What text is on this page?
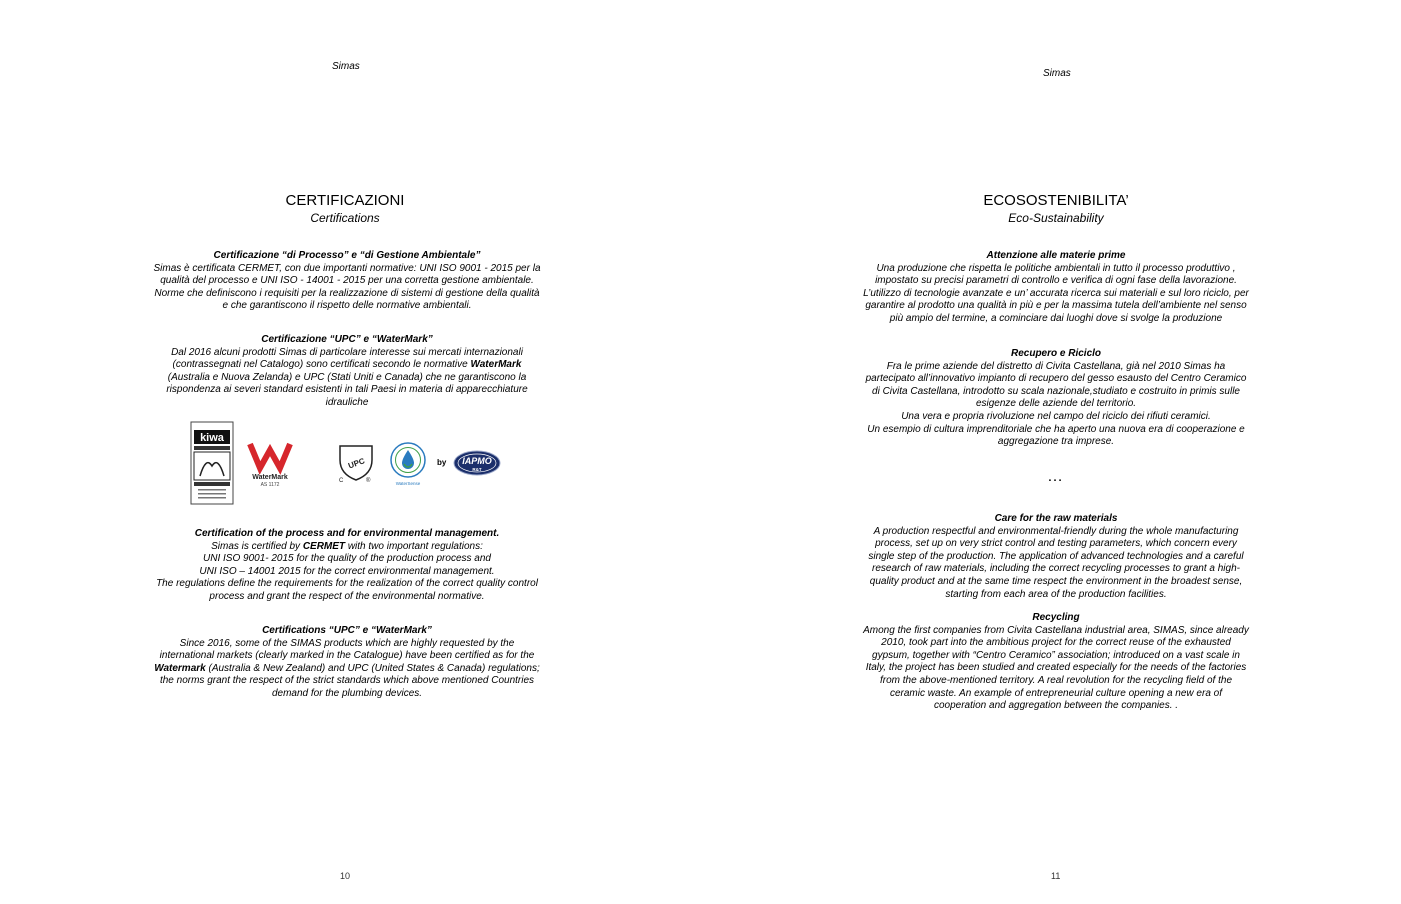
Simas
CERTIFICAZIONI
Certifications
Certificazione “di Processo” e “di Gestione Ambientale”

Simas è certificata CERMET, con due importanti normative: UNI ISO 9001 - 2015 per la qualità del processo e UNI ISO - 14001 - 2015 per una corretta gestione ambientale. Norme che definiscono i requisiti per la realizzazione di sistemi di gestione della qualità e che garantiscono il rispetto delle normative ambientali.

Certificazione “UPC” e “WaterMark”

Dal 2016 alcuni prodotti Simas di particolare interesse sui mercati internazionali (contrassegnati nel Catalogo) sono certificati secondo le normative WaterMark (Australia e Nuova Zelanda) e UPC (Stati Uniti e Canada) che ne garantiscono la rispondenza ai severi standard esistenti in tali Paesi in materia di apparecchiature idrauliche

kiwa
WaterMark
AS 1172
UPC
C	®	WaterSense
by IAPMO
R&T
Certification of the process and for environmental management.

Simas is certified by CERMET with two important regulations:

UNI ISO 9001- 2015 for the quality of the production process and

UNI ISO – 14001 2015 for the correct environmental management.

The regulations define the requirements for the realization of the correct quality control process and grant the respect of the environmental normative.

Certifications “UPC” e “WaterMark”

Since 2016, some of the SIMAS products which are highly requested by the international markets (clearly marked in the Catalogue) have been certified as for the Watermark (Australia & New Zealand) and UPC (United States & Canada) regulations; the norms grant the respect of the strict standards which above mentioned Countries demand for the plumbing devices.

10
Simas
ECOSOSTENIBILITA’
Eco-Sustainability
Attenzione alle materie prime

Una produzione che rispetta le politiche ambientali in tutto il processo produttivo , impostato su precisi parametri di controllo e verifica di ogni fase della lavorazione. L’utilizzo di tecnologie avanzate e un’ accurata ricerca sui materiali e sul loro riciclo, per garantire al prodotto una qualità in più e per la massima tutela dell’ambiente nel senso più ampio del termine, a cominciare dai luoghi dove si svolge la produzione

Recupero e Riciclo

Fra le prime aziende del distretto di Civita Castellana, già nel 2010 Simas ha partecipato all’innovativo impianto di recupero del gesso esausto del Centro Ceramico di Civita Castellana, introdotto su scala nazionale,studiato e costruito in primis sulle esigenze delle aziende del territorio.

Una vera e propria rivoluzione nel campo del riciclo dei rifiuti ceramici.

Un esempio di cultura imprenditoriale che ha aperto una nuova era di cooperazione e aggregazione tra imprese.

…
Care for the raw materials

A production respectful and environmental-friendly during the whole manufacturing process, set up on very strict control and testing parameters, which concern every single step of the production. The application of advanced technologies and a careful research of raw materials, including the correct recycling processes to grant a high-quality product and at the same time respect the environment in the broadest sense, starting from each area of the production facilities.

Recycling

Among the first companies from Civita Castellana industrial area, SIMAS, since already 2010, took part into the ambitious project for the correct reuse of the exhausted gypsum, together with “Centro Ceramico” association; introduced on a vast scale in Italy, the project has been studied and created especially for the needs of the factories from the above-mentioned territory. A real revolution for the recycling field of the ceramic waste. An example of entrepreneurial culture opening a new era of cooperation and aggregation between the companies. .

11
